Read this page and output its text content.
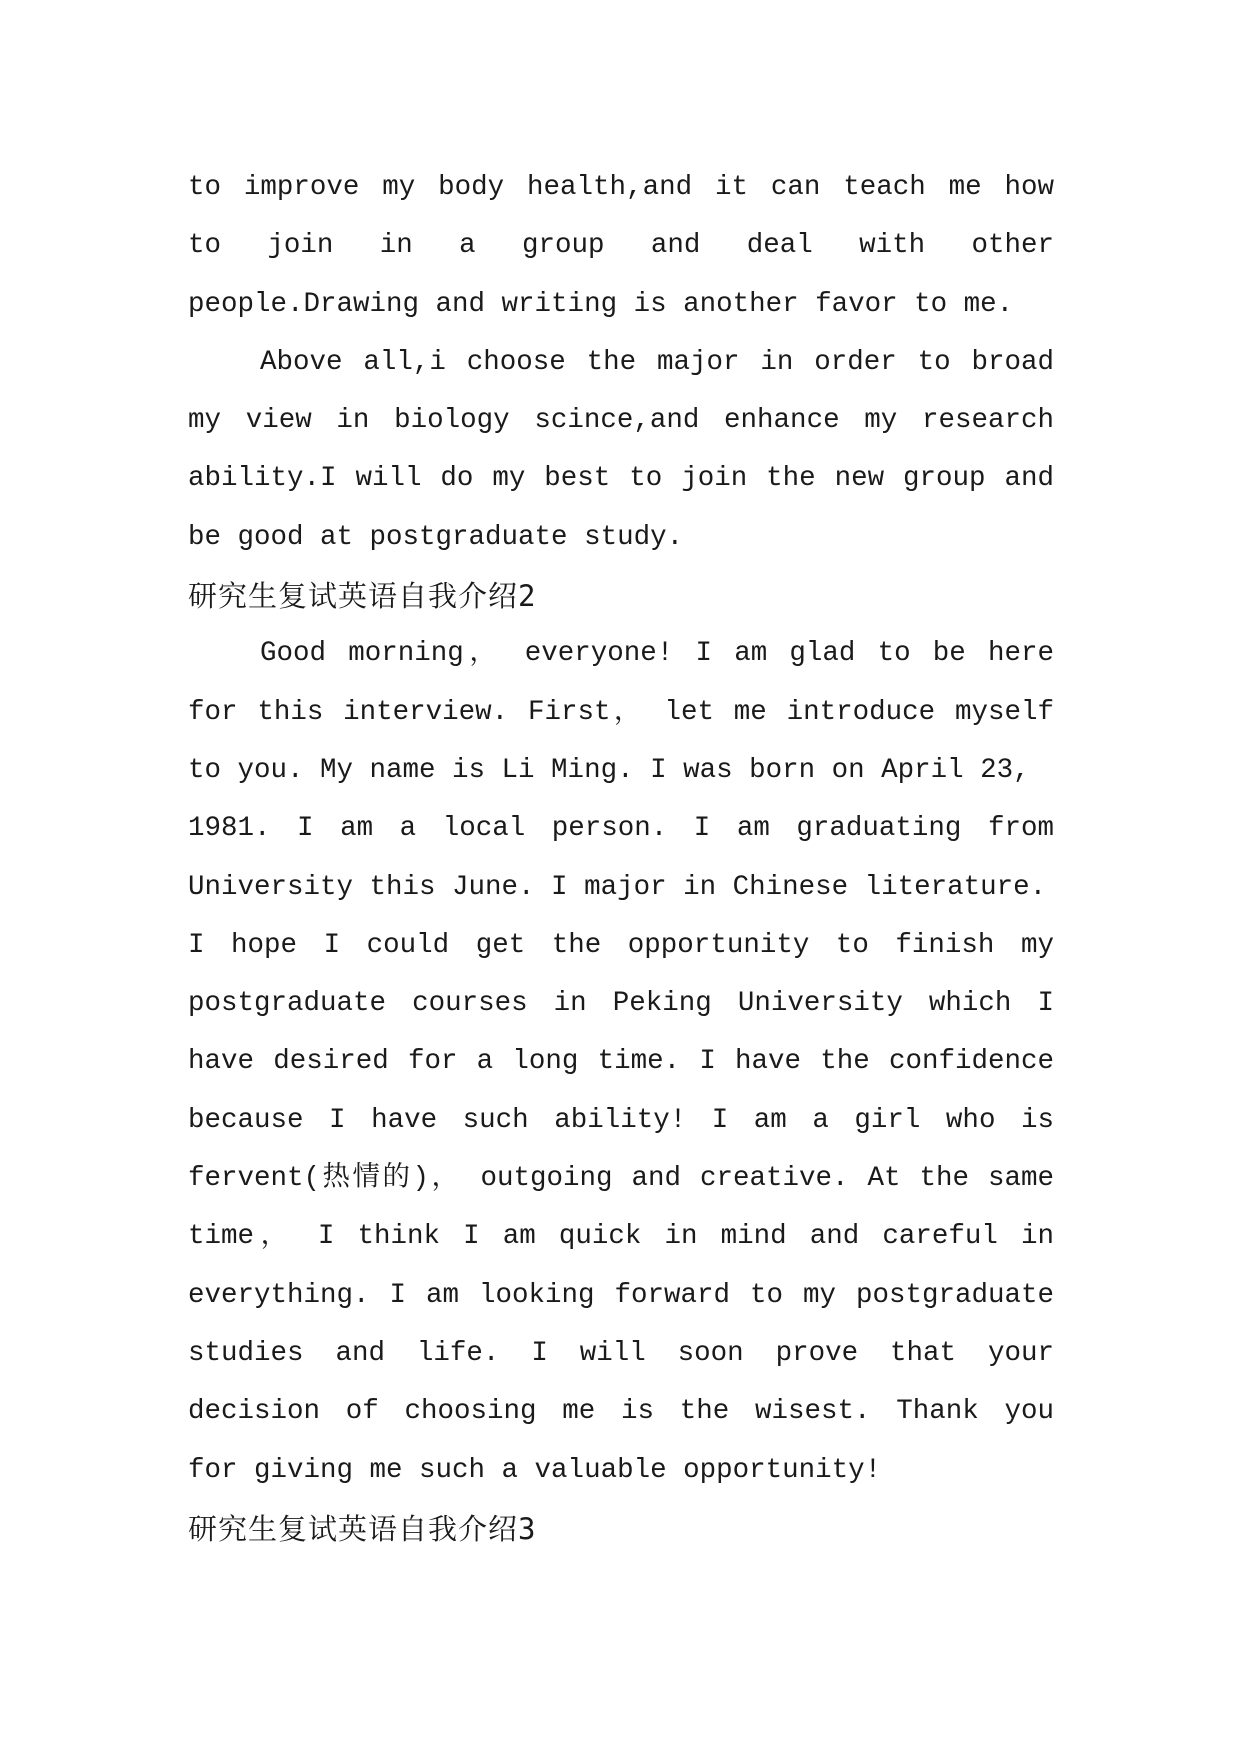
to improve my body health,and it can teach me how
to join in a group and deal with other
people.Drawing and writing is another favor to me.
Above all,i choose the major in order to broad
my view in biology scince,and enhance my research
ability.I will do my best to join the new group and
be good at postgraduate study.
研究生复试英语自我介绍2
Good morning， everyone! I am glad to be here
for this interview. First， let me introduce myself
to you. My name is Li Ming. I was born on April 23,
1981. I am a local person. I am graduating from
University this June. I major in Chinese literature.
I hope I could get the opportunity to finish my
postgraduate courses in Peking University which I
have desired for a long time. I have the confidence
because I have such ability! I am a girl who is
fervent(热情的)， outgoing and creative. At the same
time， I think I am quick in mind and careful in
everything. I am looking forward to my postgraduate
studies and life. I will soon prove that your
decision of choosing me is the wisest. Thank you
for giving me such a valuable opportunity!
研究生复试英语自我介绍3
